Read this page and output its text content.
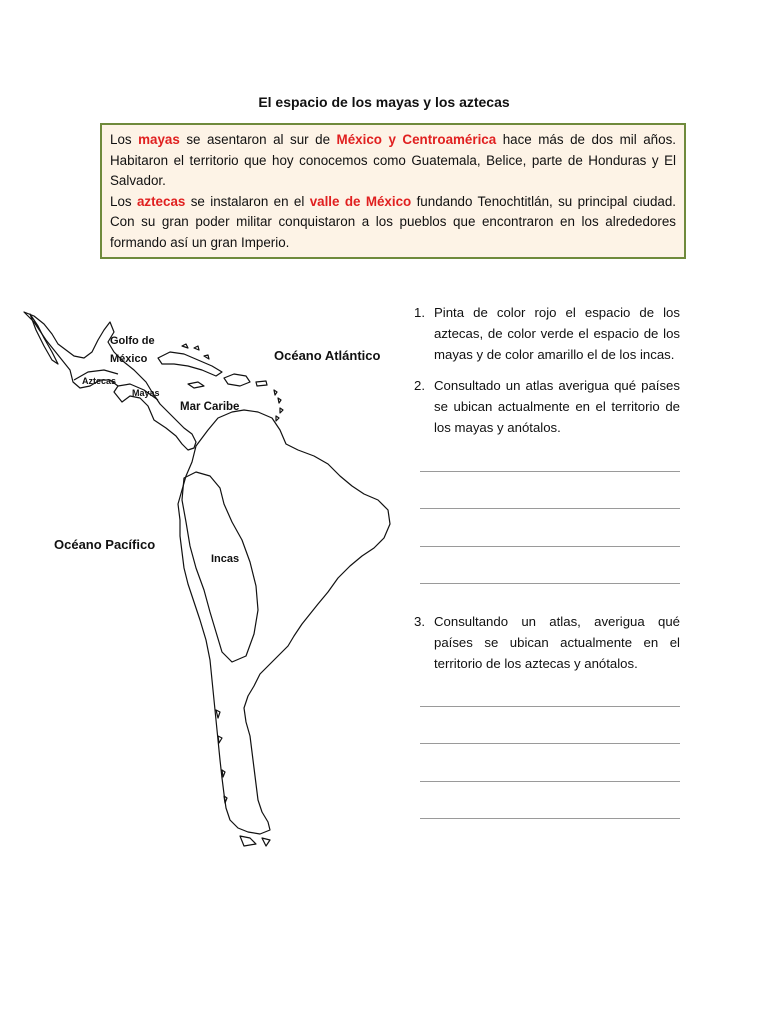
El espacio de los mayas y los aztecas

Los mayas se asentaron al sur de México y Centroamérica hace más de dos mil años. Habitaron el territorio que hoy conocemos como Guatemala, Belice, parte de Honduras y El Salvador.

Los aztecas se instalaron en el valle de México fundando Tenochtitlán, su principal ciudad. Con su gran poder militar conquistaron a los pueblos que encontraron en los alrededores formando así un gran Imperio.

Golfo de
México
Aztecas
Mayas
Mar Caribe
Océano Atlántico
Océano Pacífico
Incas
1. Pinta de color rojo el espacio de los aztecas, de color verde el espacio de los mayas y de color amarillo el de los incas.
2. Consultado un atlas averigua qué países se ubican actualmente en el territorio de los mayas y anótalos.
3. Consultando un atlas, averigua qué países se ubican actualmente en el territorio de los aztecas y anótalos.
